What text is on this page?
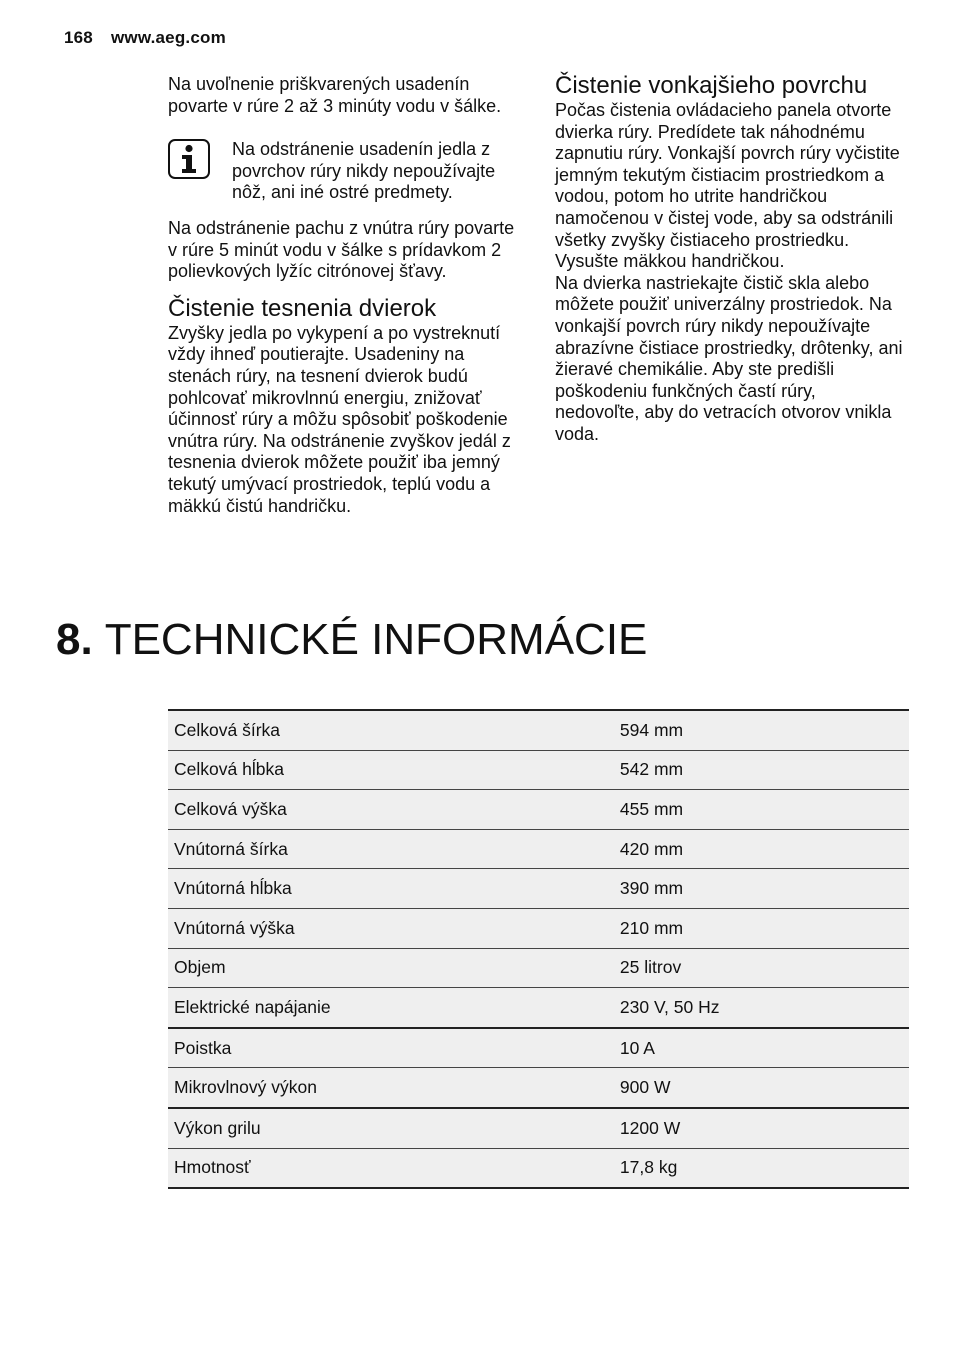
168 www.aeg.com

Na uvoľnenie priškvarených usadenín povarte v rúre 2 až 3 minúty vodu v šálke.

Na odstránenie usadenín jedla z povrchov rúry nikdy nepoužívajte nôž, ani iné ostré predmety.

Na odstránenie pachu z vnútra rúry povarte v rúre 5 minút vodu v šálke s prídavkom 2 polievkových lyžíc citrónovej šťavy.

Čistenie tesnenia dvierok

Zvyšky jedla po vykypení a po vystreknutí vždy ihneď poutierajte. Usadeniny na stenách rúry, na tesnení dvierok budú pohlcovať mikrovlnnú energiu, znižovať účinnosť rúry a môžu spôsobiť poškodenie vnútra rúry. Na odstránenie zvyškov jedál z tesnenia dvierok môžete použiť iba jemný tekutý umývací prostriedok, teplú vodu a mäkkú čistú handričku.

Čistenie vonkajšieho povrchu

Počas čistenia ovládacieho panela otvorte dvierka rúry. Predídete tak náhodnému zapnutiu rúry. Vonkajší povrch rúry vyčistite jemným tekutým čistiacim prostriedkom a vodou, potom ho utrite handričkou namočenou v čistej vode, aby sa odstránili všetky zvyšky čistiaceho prostriedku. Vysušte mäkkou handričkou.

Na dvierka nastriekajte čistič skla alebo môžete použiť univerzálny prostriedok. Na vonkajší povrch rúry nikdy nepoužívajte abrazívne čistiace prostriedky, drôtenky, ani žieravé chemikálie. Aby ste predišli poškodeniu funkčných častí rúry, nedovoľte, aby do vetracích otvorov vnikla voda.

8. TECHNICKÉ INFORMÁCIE
Celková šírka	594 mm
Celková hĺbka	542 mm
Celková výška	455 mm
Vnútorná šírka	420 mm
Vnútorná hĺbka	390 mm
Vnútorná výška	210 mm
Objem	25 litrov
Elektrické napájanie	230 V, 50 Hz
Poistka	10 A
Mikrovlnový výkon	900 W
Výkon grilu	1200 W
Hmotnosť	17,8 kg
